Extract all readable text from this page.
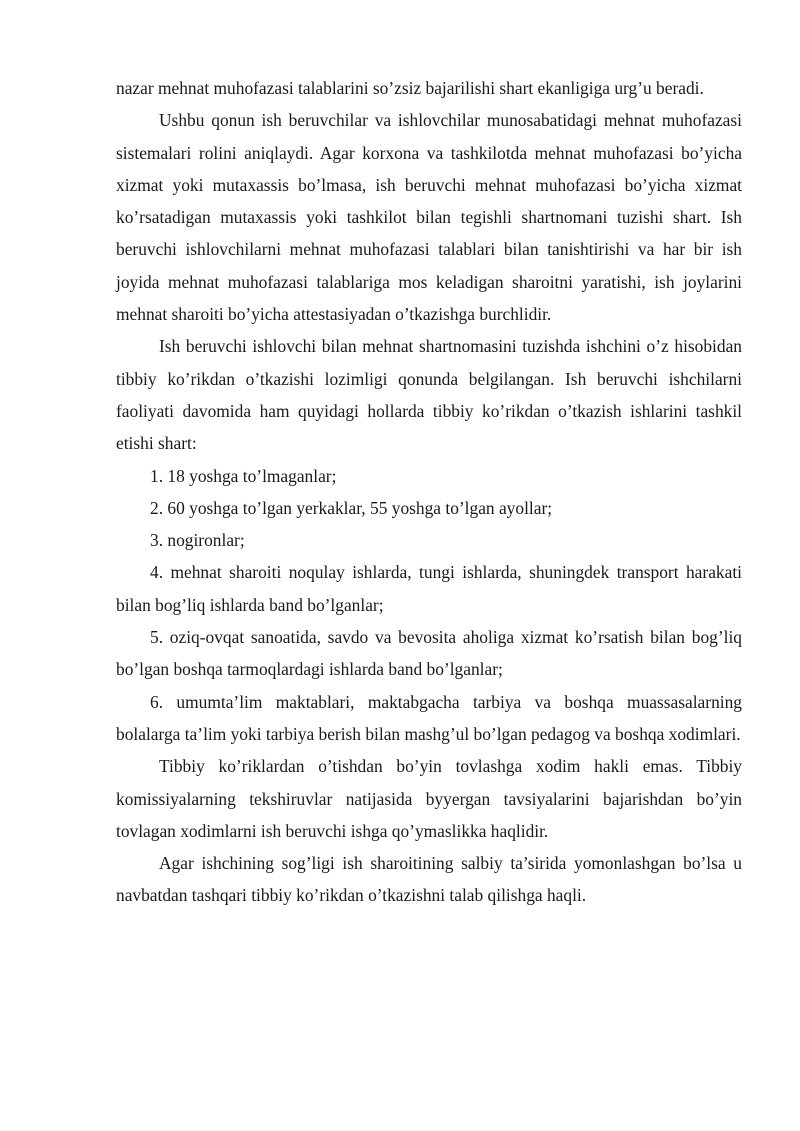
nazar mehnat muhofazasi talablarini so’zsiz bajarilishi shart ekanligiga urg’u beradi.

Ushbu qonun ish beruvchilar va ishlovchilar munosabatidagi mehnat muhofazasi sistemalari rolini aniqlaydi. Agar korxona va tashkilotda mehnat muhofazasi bo’yicha xizmat yoki mutaxassis bo’lmasa, ish beruvchi mehnat muhofazasi bo’yicha xizmat ko’rsatadigan mutaxassis yoki tashkilot bilan tegishli shartnomani tuzishi shart. Ish beruvchi ishlovchilarni mehnat muhofazasi talablari bilan tanishtirishi va har bir ish joyida mehnat muhofazasi talablariga mos keladigan sharoitni yaratishi, ish joylarini mehnat sharoiti bo’yicha attestasiyadan o’tkazishga burchlidir.

Ish beruvchi ishlovchi bilan mehnat shartnomasini tuzishda ishchini o’z hisobidan tibbiy ko’rikdan o’tkazishi lozimligi qonunda belgilangan. Ish beruvchi ishchilarni faoliyati davomida ham quyidagi hollarda tibbiy ko’rikdan o’tkazish ishlarini tashkil etishi shart:

1. 18 yoshga to’lmaganlar;

2. 60 yoshga to’lgan yerkaklar, 55 yoshga to’lgan ayollar;

3. nogironlar;

4. mehnat sharoiti noqulay ishlarda, tungi ishlarda, shuningdek transport harakati bilan bog’liq ishlarda band bo’lganlar;

5. oziq-ovqat sanoatida, savdo va bevosita aholiga xizmat ko’rsatish bilan bog’liq bo’lgan boshqa tarmoqlardagi ishlarda band bo’lganlar;

6. umumta’lim maktablari, maktabgacha tarbiya va boshqa muassasalarning bolalarga ta’lim yoki tarbiya berish bilan mashg’ul bo’lgan pedagog va boshqa xodimlari.

Tibbiy ko’riklardan o’tishdan bo’yin tovlashga xodim hakli emas. Tibbiy komissiyalarning tekshiruvlar natijasida byyergan tavsiyalarini bajarishdan bo’yin tovlagan xodimlarni ish beruvchi ishga qo’ymaslikka haqlidir.

Agar ishchining sog’ligi ish sharoitining salbiy ta’sirida yomonlashgan bo’lsa u navbatdan tashqari tibbiy ko’rikdan o’tkazishni talab qilishga haqli.
